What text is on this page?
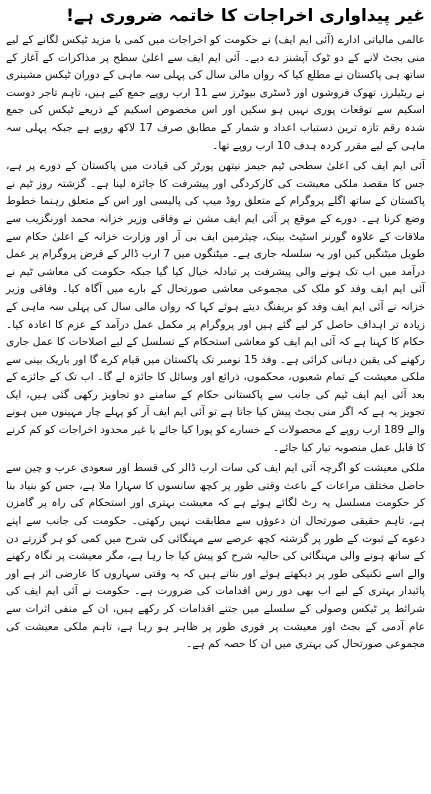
غیر پیداواری اخراجات کا خاتمہ ضروری ہے!

عالمی مالیاتی ادارے (آئی ایم ایف) نے حکومت کو اخراجات میں کمی یا مزید ٹیکس لگانے کے لیے منی بجٹ لانے کے دو ٹوک آپشنز دے دیے۔ آئی ایم ایف سے اعلیٰ سطح پر مذاکرات کے آغاز کے ساتھ ہی پاکستان نے مطلع کیا کہ رواں مالی سال کی پہلی سہ ماہی کے دوران ٹیکس مشینری نے ریٹیلرز، تھوک فروشوں اور ڈسٹری بیوٹرز سے 11 ارب روپے جمع کیے ہیں، تاہم تاجر دوست اسکیم سے توقعات پوری نہیں ہو سکیں اور اس مخصوص اسکیم کے ذریعے ٹیکس کی جمع شدہ رقم تازہ ترین دستیاب اعداد و شمار کے مطابق صرف 17 لاکھ روپے ہے جبکہ پہلی سہ ماہی کے لیے مقرر کردہ ہدف 10 ارب روپے تھا۔

آئی ایم ایف کی اعلیٰ سطحی ٹیم جیمز نیتھن پورٹر کی قیادت میں پاکستان کے دورے پر ہے، جس کا مقصد ملکی معیشت کی کارکردگی اور پیشرفت کا جائزہ لینا ہے۔ گزشتہ روز ٹیم نے پاکستان کے ساتھ اگلے پروگرام کے متعلق روڈ میپ کی پالیسی اور اس کے متعلق رہنما خطوط وضع کرنا ہے۔ دورے کے موقع پر آئی ایم ایف مشن نے وفاقی وزیر خزانہ محمد اورنگزیب سے ملاقات کے علاوہ گورنر اسٹیٹ بینک، چیئرمین ایف بی آر اور وزارت خزانہ کے اعلیٰ حکام سے طویل میٹنگیں کیں اور یہ سلسلہ جاری ہے۔ میٹنگوں میں 7 ارب ڈالر کے قرض پروگرام پر عمل درآمد میں اب تک ہونے والی پیشرفت پر تبادلہ خیال کیا گیا جبکہ حکومت کی معاشی ٹیم نے آئی ایم ایف وفد کو ملک کی مجموعی معاشی صورتحال کے بارے میں آگاہ کیا۔ وفاقی وزیر خزانہ نے آئی ایم ایف وفد کو بریفنگ دیتے ہوئے کہا کہ رواں مالی سال کی پہلی سہ ماہی کے زیادہ تر اہداف حاصل کر لیے گئے ہیں اور پروگرام پر مکمل عمل درآمد کے عزم کا اعادہ کیا۔ حکام کا کہنا ہے کہ آئی ایم ایف کو معاشی استحکام کے تسلسل کے لیے اصلاحات کا عمل جاری رکھنے کی یقین دہانی کرائی ہے۔ وفد 15 نومبر تک پاکستان میں قیام کرے گا اور باریک بینی سے ملکی معیشت کے تمام شعبوں، محکموں، ذرائع اور وسائل کا جائزہ لے گا۔ اب تک کے جائزے کے بعد آئی ایم ایف ٹیم کی جانب سے پاکستانی حکام کے سامنے دو تجاویز رکھی گئی ہیں، ایک تجویز یہ ہے کہ اگر منی بجٹ پیش کیا جاتا ہے تو آئی ایم ایف آر کو پہلے چار مہینوں میں ہونے والے 189 ارب روپے کے محصولات کے خسارے کو پورا کیا جائے یا غیر محدود اخراجات کو کم کرنے کا قابل عمل منصوبہ تیار کیا جائے۔

ملکی معیشت کو اگرچہ آئی ایم ایف کی سات ارب ڈالر کی قسط اور سعودی عرب و چین سے حاصل مختلف مراعات کے باعث وقتی طور پر کچھ سانسوں کا سہارا ملا ہے، جس کو بنیاد بنا کر حکومت مسلسل یہ رٹ لگائے ہوئے ہے کہ معیشت بہتری اور استحکام کی راہ پر گامزن ہے، تاہم حقیقی صورتحال ان دعوؤں سے مطابقت نہیں رکھتی۔ حکومت کی جانب سے اپنے دعوے کے ثبوت کے طور پر گزشتہ کچھ عرصے سے مہنگائی کی شرح میں کمی کو ہر گزرتے دن کے ساتھ ہونے والی مہنگائی کی حالیہ شرح کو پیش کیا جا رہا ہے، مگر معیشت پر نگاہ رکھنے والے اسے تکنیکی طور پر دیکھتے ہوئے اور بتاتے ہیں کہ یہ وقتی سہاروں کا عارضی اثر ہے اور پائیدار بہتری کے لیے اب بھی دور رس اقدامات کی ضرورت ہے۔ حکومت نے آئی ایم ایف کی شرائط پر ٹیکس وصولی کے سلسلے میں جتنے اقدامات کر رکھے ہیں، ان کے منفی اثرات سے عام آدمی کے بجٹ اور معیشت پر فوری طور پر ظاہر ہو رہا ہے، تاہم ملکی معیشت کی مجموعی صورتحال کی بہتری میں ان کا حصہ کم ہے۔
